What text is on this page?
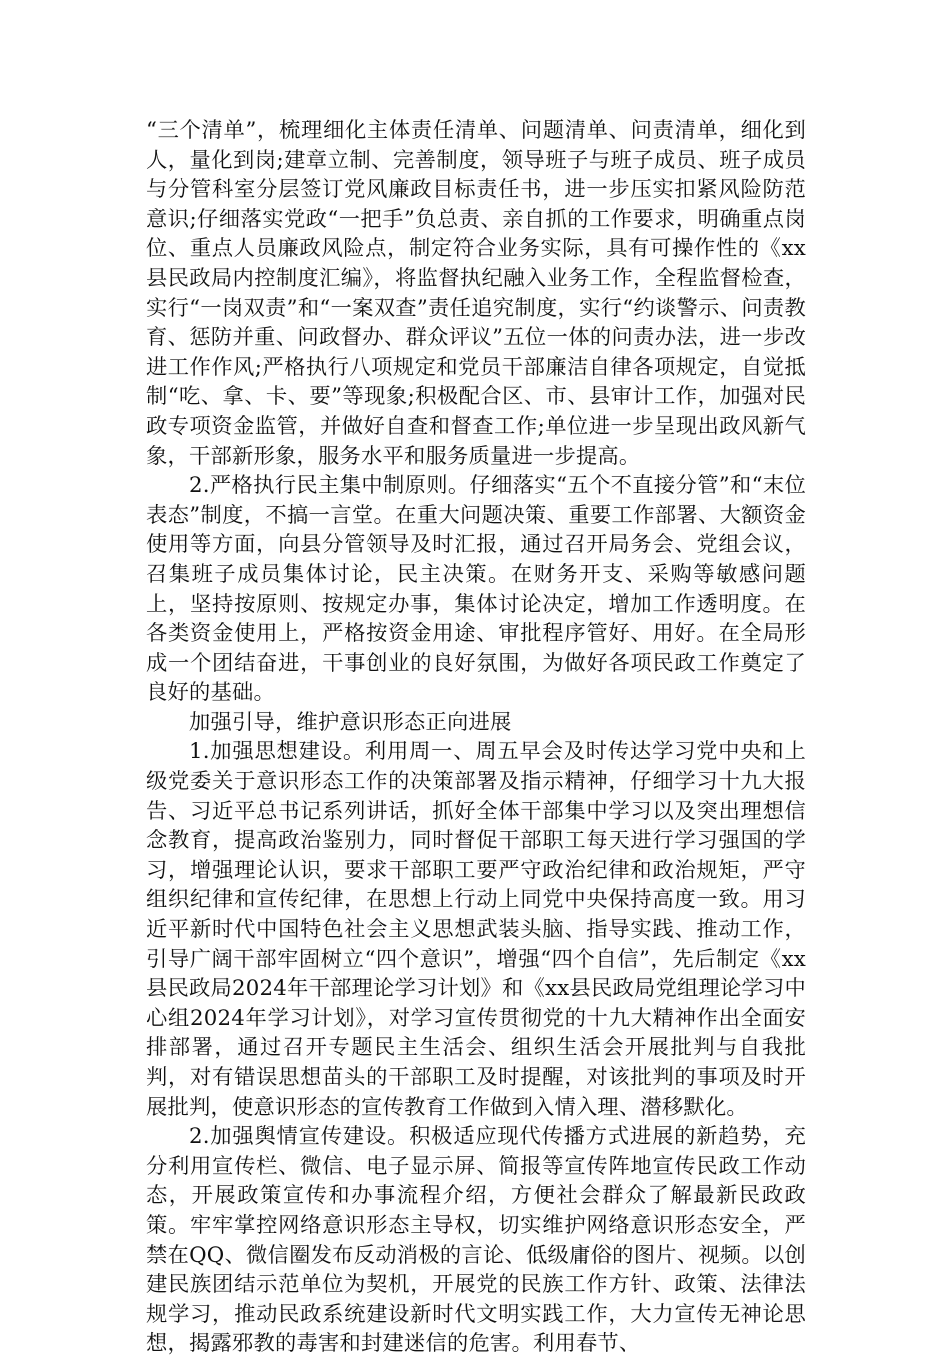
“三个清单”，梳理细化主体责任清单、问题清单、问责清单，细化到人，量化到岗;建章立制、完善制度，领导班子与班子成员、班子成员与分管科室分层签订党风廉政目标责任书，进一步压实扣紧风险防范意识;仔细落实党政“一把手”负总责、亲自抓的工作要求，明确重点岗位、重点人员廉政风险点，制定符合业务实际，具有可操作性的《xx县民政局内控制度汇编》，将监督执纪融入业务工作，全程监督检查，实行“一岗双责”和“一案双查”责任追究制度，实行“约谈警示、问责教育、惩防并重、问政督办、群众评议”五位一体的问责办法，进一步改进工作作风;严格执行八项规定和党员干部廉洁自律各项规定，自觉抵制“吃、拿、卡、要”等现象;积极配合区、市、县审计工作，加强对民政专项资金监管，并做好自查和督查工作;单位进一步呈现出政风新气象，干部新形象，服务水平和服务质量进一步提高。

2.严格执行民主集中制原则。仔细落实“五个不直接分管”和“末位表态”制度，不搞一言堂。在重大问题决策、重要工作部署、大额资金使用等方面，向县分管领导及时汇报，通过召开局务会、党组会议，召集班子成员集体讨论，民主决策。在财务开支、采购等敏感问题上，坚持按原则、按规定办事，集体讨论决定，增加工作透明度。在各类资金使用上，严格按资金用途、审批程序管好、用好。在全局形成一个团结奋进，干事创业的良好氛围，为做好各项民政工作奠定了良好的基础。

加强引导，维护意识形态正向进展

1.加强思想建设。利用周一、周五早会及时传达学习党中央和上级党委关于意识形态工作的决策部署及指示精神，仔细学习十九大报告、习近平总书记系列讲话，抓好全体干部集中学习以及突出理想信念教育，提高政治鉴别力，同时督促干部职工每天进行学习强国的学习，增强理论认识，要求干部职工要严守政治纪律和政治规矩，严守组织纪律和宣传纪律，在思想上行动上同党中央保持高度一致。用习近平新时代中国特色社会主义思想武装头脑、指导实践、推动工作，引导广阔干部牢固树立“四个意识”，增强“四个自信”，先后制定《xx县民政局2024年干部理论学习计划》和《xx县民政局党组理论学习中心组2024年学习计划》，对学习宣传贯彻党的十九大精神作出全面安排部署，通过召开专题民主生活会、组织生活会开展批判与自我批判，对有错误思想苗头的干部职工及时提醒，对该批判的事项及时开展批判，使意识形态的宣传教育工作做到入情入理、潜移默化。

2.加强舆情宣传建设。积极适应现代传播方式进展的新趋势，充分利用宣传栏、微信、电子显示屏、简报等宣传阵地宣传民政工作动态，开展政策宣传和办事流程介绍，方便社会群众了解最新民政政策。牢牢掌控网络意识形态主导权，切实维护网络意识形态安全，严禁在QQ、微信圈发布反动消极的言论、低级庸俗的图片、视频。以创建民族团结示范单位为契机，开展党的民族工作方针、政策、法律法规学习，推动民政系统建设新时代文明实践工作，大力宣传无神论思想，揭露邪教的毒害和封建迷信的危害。利用春节、
